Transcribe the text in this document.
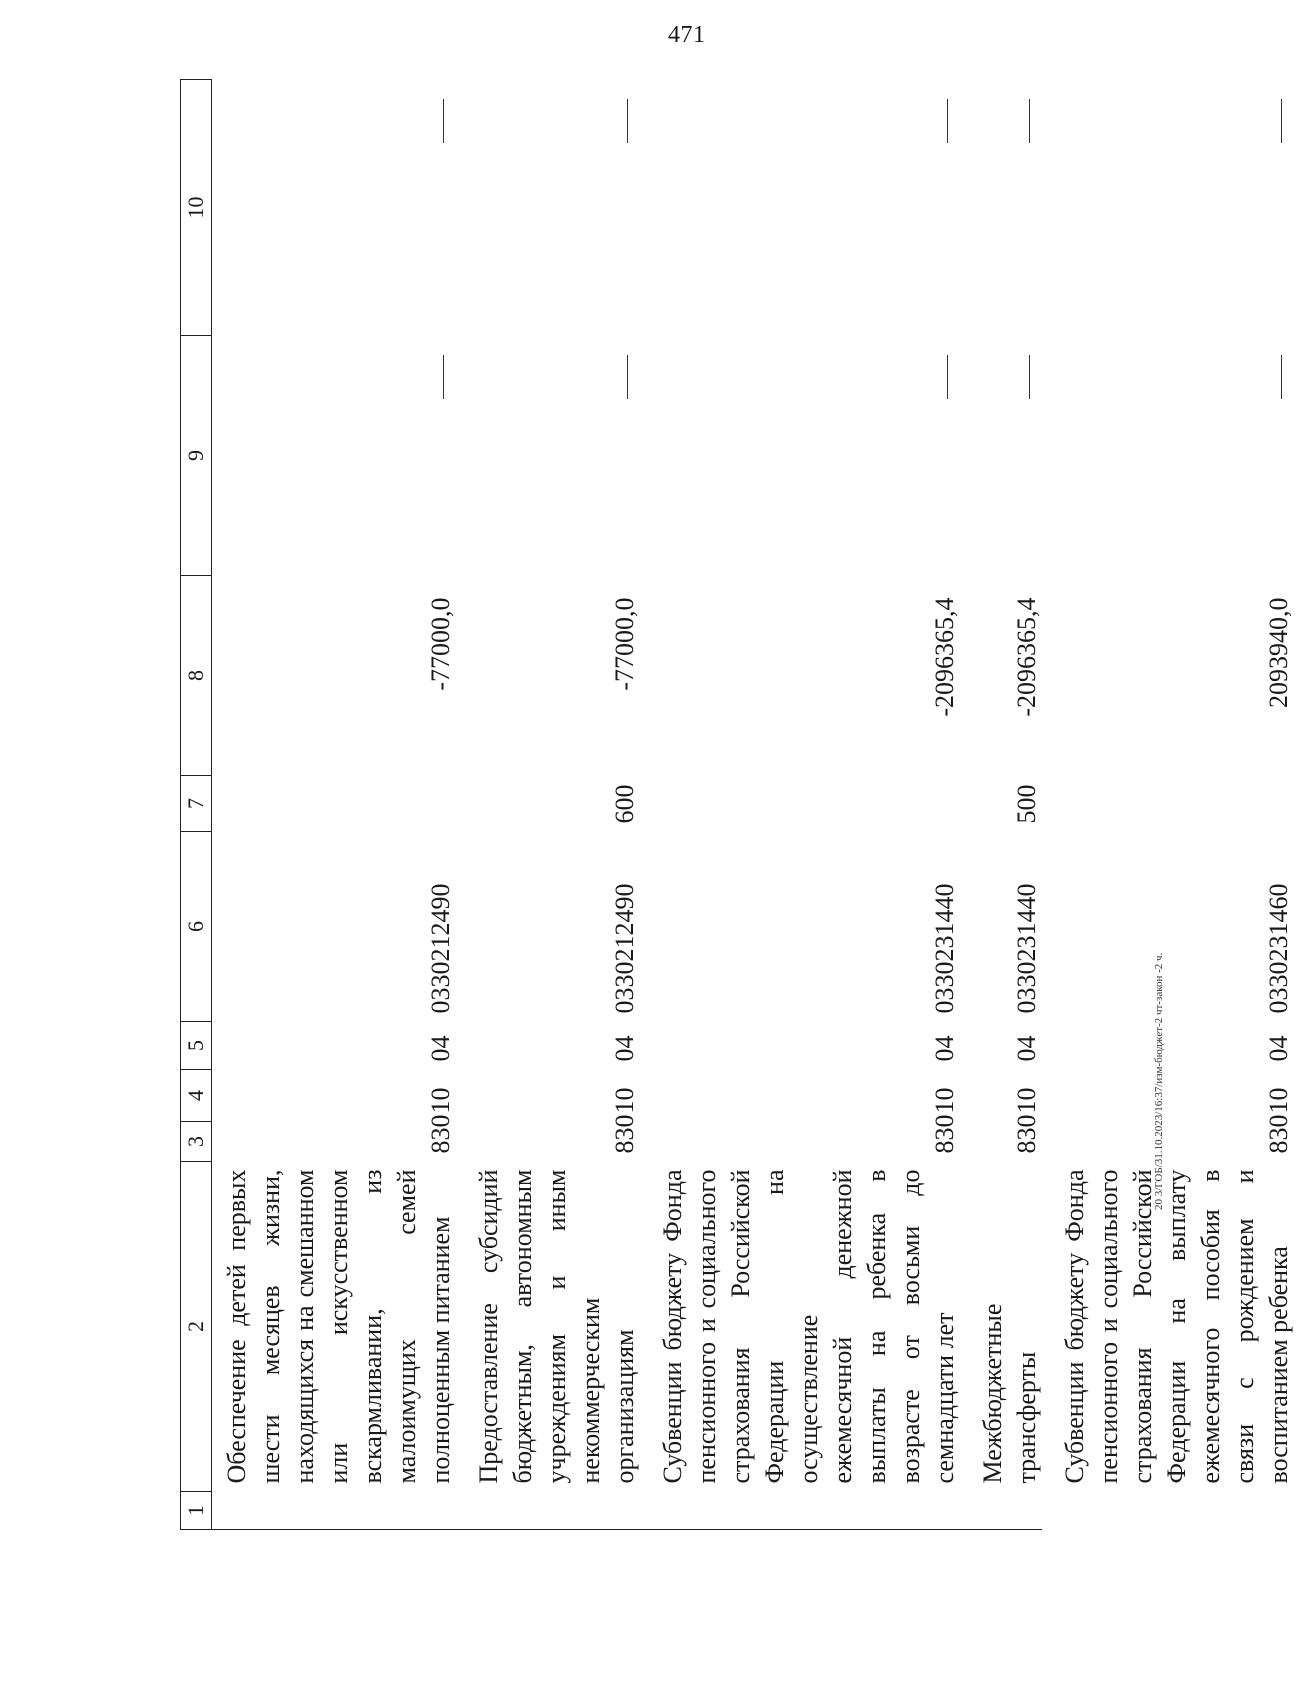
471
20 3/ГОБ/31.10.2023/16:37/изм-бюджет-2 чт-закон -2 ч.
1	2	3	4	5	6	7	8	9	10
	Обеспечение детей первых шести месяцев жизни, находящихся на смешанном или искусственном вскармливании, из малоимущих семей полноценным питанием	830	10	04	0330212490		-77000,0		
	Предоставление субсидий бюджетным, автономным учреждениям и иным некоммерческим организациям	830	10	04	0330212490	600	-77000,0		
	Субвенции бюджету Фонда пенсионного и социального страхования Российской Федерации на осуществление ежемесячной денежной выплаты на ребенка в возрасте от восьми до семнадцати лет	830	10	04	0330231440		-2096365,4		
	Межбюджетные трансферты	830	10	04	0330231440	500	-2096365,4		
	Субвенции бюджету Фонда пенсионного и социального страхования Российской Федерации на выплату ежемесячного пособия в связи с рождением и воспитанием ребенка	830	10	04	0330231460		2093940,0		
